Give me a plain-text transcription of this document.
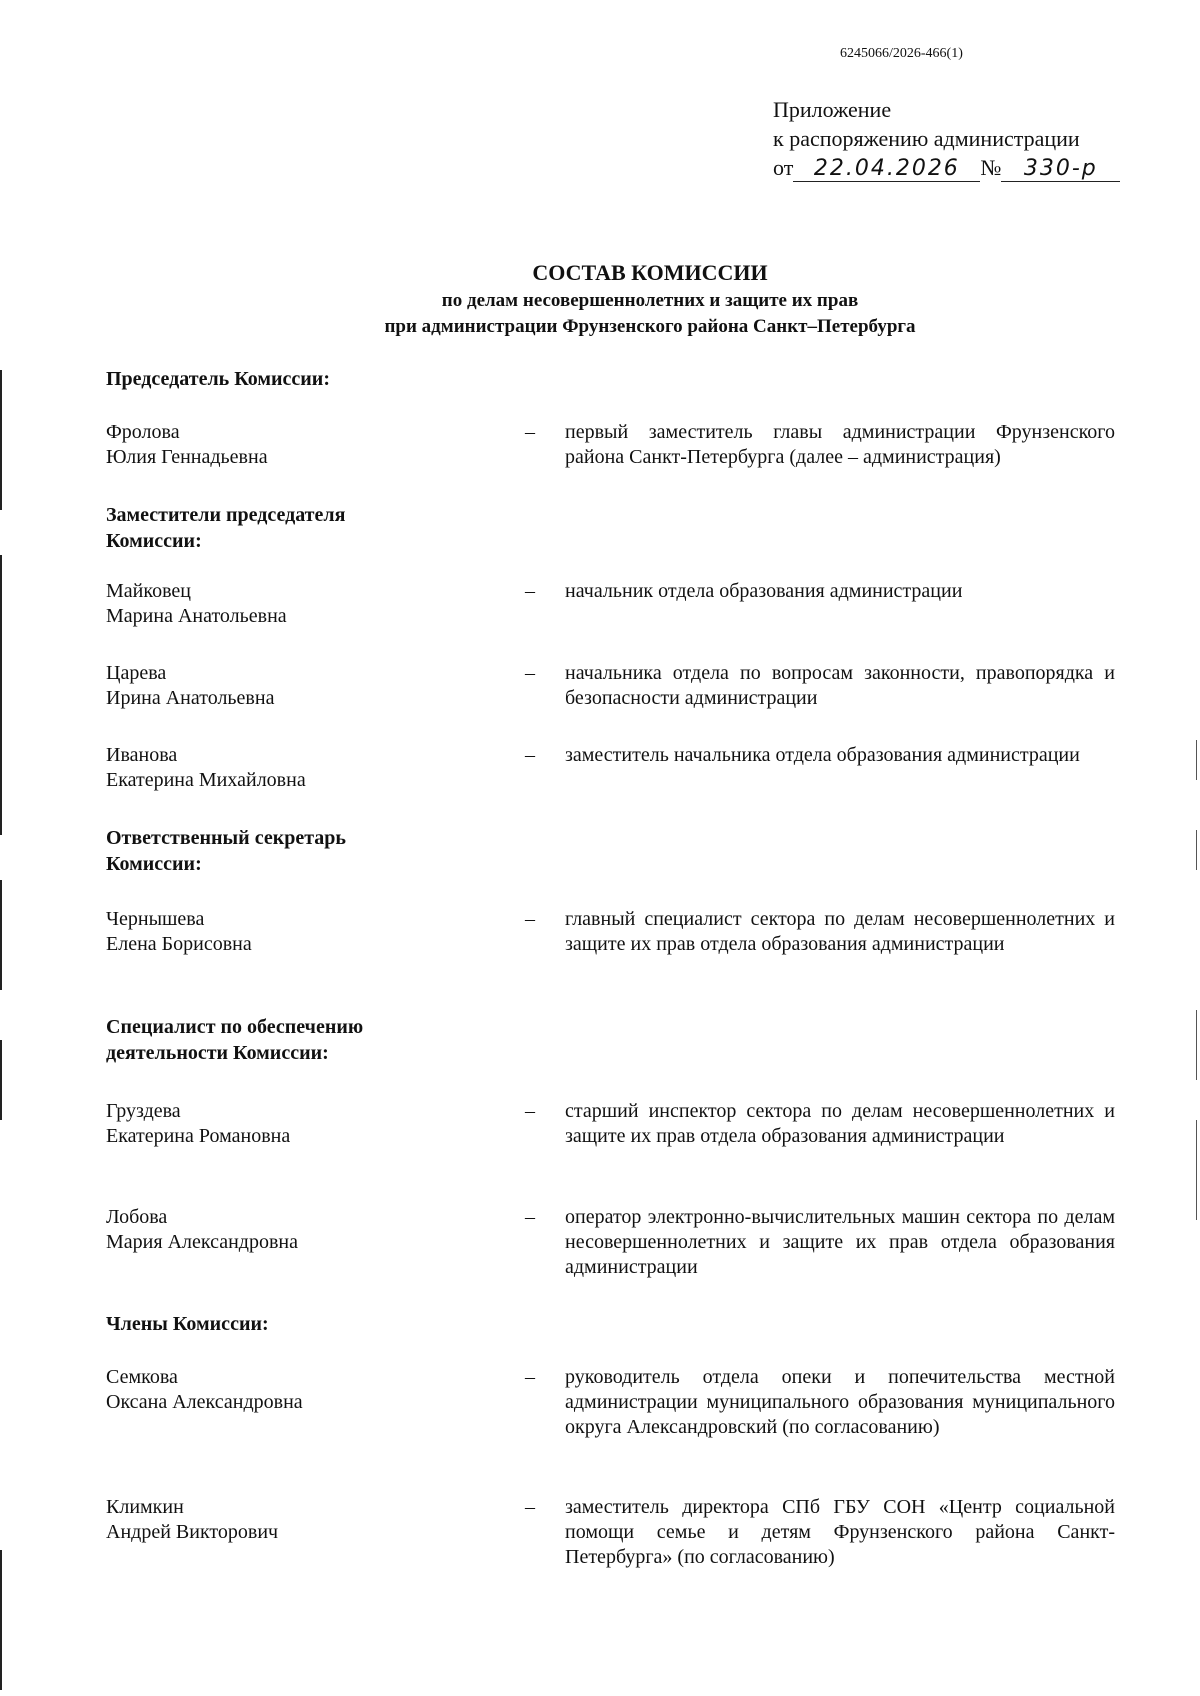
6245066/2026-466(1)
Приложение
к распоряжению администрации
от 22.04.2026 № 330-р
СОСТАВ КОМИССИИ
по делам несовершеннолетних и защите их прав
при администрации Фрунзенского района Санкт–Петербурга
Председатель Комиссии:
Фролова
Юлия Геннадьевна
– первый заместитель главы администрации Фрунзенского района Санкт-Петербурга (далее – администрация)
Заместители председателя
Комиссии:
Майковец
Марина Анатольевна
– начальник отдела образования администрации
Царева
Ирина Анатольевна
– начальника отдела по вопросам законности, правопорядка и безопасности администрации
Иванова
Екатерина Михайловна
– заместитель начальника отдела образования администрации
Ответственный секретарь
Комиссии:
Чернышева
Елена Борисовна
– главный специалист сектора по делам несовершеннолетних и защите их прав отдела образования администрации
Специалист по обеспечению
деятельности Комиссии:
Груздева
Екатерина Романовна
– старший инспектор сектора по делам несовершеннолетних и защите их прав отдела образования администрации
Лобова
Мария Александровна
– оператор электронно-вычислительных машин сектора по делам несовершеннолетних и защите их прав отдела образования администрации
Члены Комиссии:
Семкова
Оксана Александровна
– руководитель отдела опеки и попечительства местной администрации муниципального образования муниципального округа Александровский (по согласованию)
Климкин
Андрей Викторович
– заместитель директора СПб ГБУ СОН «Центр социальной помощи семье и детям Фрунзенского района Санкт-Петербурга» (по согласованию)
